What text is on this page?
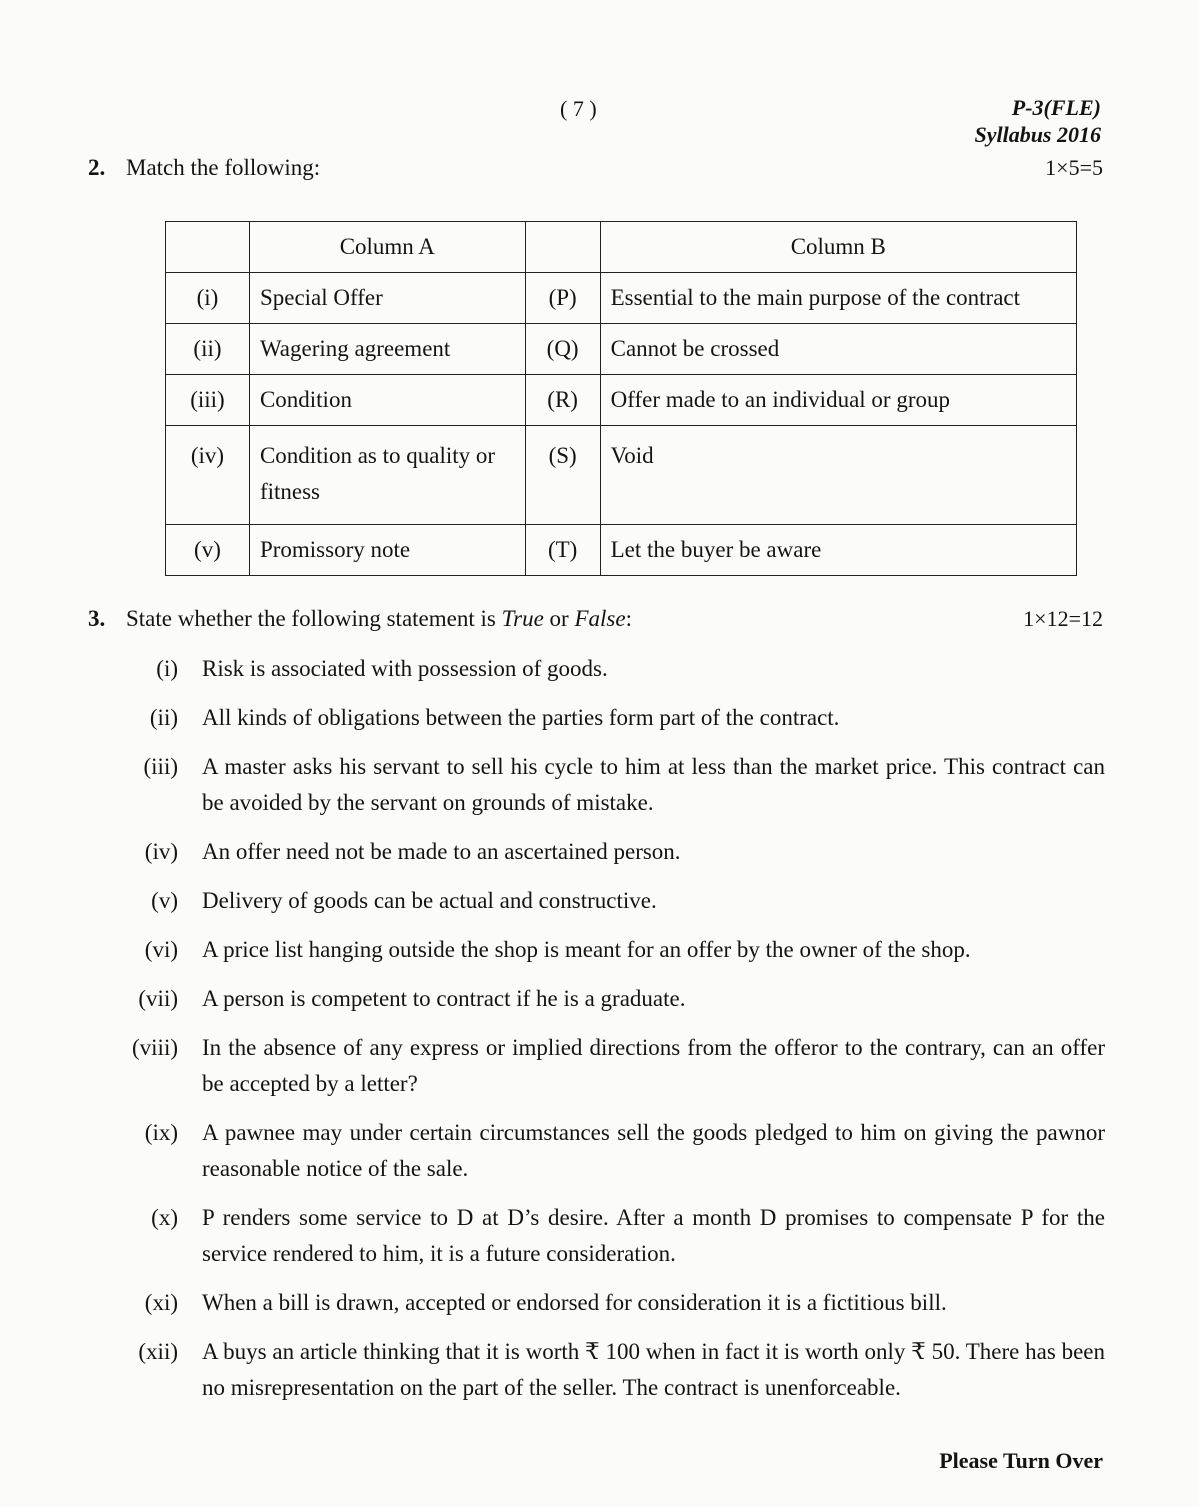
( 7 )	P-3(FLE)
Syllabus 2016
2. Match the following:	1×5=5
	Column A		Column B
(i)	Special Offer	(P)	Essential to the main purpose of the contract
(ii)	Wagering agreement	(Q)	Cannot be crossed
(iii)	Condition	(R)	Offer made to an individual or group
(iv)	Condition as to quality or fitness	(S)	Void
(v)	Promissory note	(T)	Let the buyer be aware
3. State whether the following statement is True or False:	1×12=12
(i) Risk is associated with possession of goods.
(ii) All kinds of obligations between the parties form part of the contract.
(iii) A master asks his servant to sell his cycle to him at less than the market price. This contract can be avoided by the servant on grounds of mistake.
(iv) An offer need not be made to an ascertained person.
(v) Delivery of goods can be actual and constructive.
(vi) A price list hanging outside the shop is meant for an offer by the owner of the shop.
(vii) A person is competent to contract if he is a graduate.
(viii) In the absence of any express or implied directions from the offeror to the contrary, can an offer be accepted by a letter?
(ix) A pawnee may under certain circumstances sell the goods pledged to him on giving the pawnor reasonable notice of the sale.
(x) P renders some service to D at D’s desire. After a month D promises to compensate P for the service rendered to him, it is a future consideration.
(xi) When a bill is drawn, accepted or endorsed for consideration it is a fictitious bill.
(xii) A buys an article thinking that it is worth ₹ 100 when in fact it is worth only ₹ 50. There has been no misrepresentation on the part of the seller. The contract is unenforceable.
Please Turn Over
